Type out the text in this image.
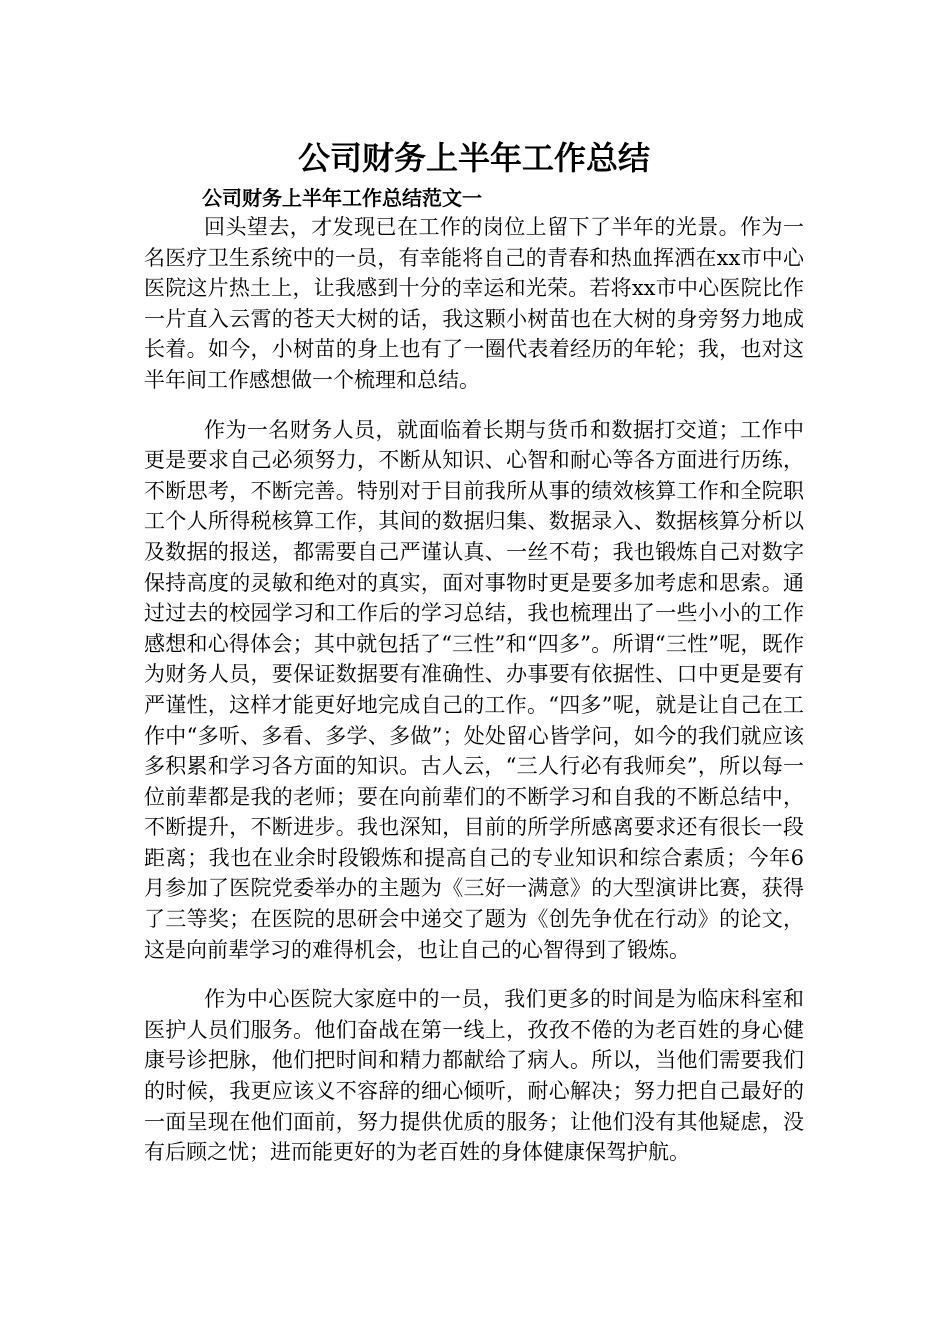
公司财务上半年工作总结

公司财务上半年工作总结范文一

回头望去，才发现已在工作的岗位上留下了半年的光景。作为一名医疗卫生系统中的一员，有幸能将自己的青春和热血挥洒在xx市中心医院这片热土上，让我感到十分的幸运和光荣。若将xx市中心医院比作一片直入云霄的苍天大树的话，我这颗小树苗也在大树的身旁努力地成长着。如今，小树苗的身上也有了一圈代表着经历的年轮；我，也对这半年间工作感想做一个梳理和总结。

作为一名财务人员，就面临着长期与货币和数据打交道；工作中更是要求自己必须努力，不断从知识、心智和耐心等各方面进行历练，不断思考，不断完善。特别对于目前我所从事的绩效核算工作和全院职工个人所得税核算工作，其间的数据归集、数据录入、数据核算分析以及数据的报送，都需要自己严谨认真、一丝不苟；我也锻炼自己对数字保持高度的灵敏和绝对的真实，面对事物时更是要多加考虑和思索。通过过去的校园学习和工作后的学习总结，我也梳理出了一些小小的工作感想和心得体会；其中就包括了“三性”和“四多”。所谓“三性”呢，既作为财务人员，要保证数据要有准确性、办事要有依据性、口中更是要有严谨性，这样才能更好地完成自己的工作。“四多”呢，就是让自己在工作中“多听、多看、多学、多做”；处处留心皆学问，如今的我们就应该多积累和学习各方面的知识。古人云，“三人行必有我师矣”，所以每一位前辈都是我的老师；要在向前辈们的不断学习和自我的不断总结中，不断提升，不断进步。我也深知，目前的所学所感离要求还有很长一段距离；我也在业余时段锻炼和提高自己的专业知识和综合素质；今年6月参加了医院党委举办的主题为《三好一满意》的大型演讲比赛，获得了三等奖；在医院的思研会中递交了题为《创先争优在行动》的论文，这是向前辈学习的难得机会，也让自己的心智得到了锻炼。

作为中心医院大家庭中的一员，我们更多的时间是为临床科室和医护人员们服务。他们奋战在第一线上，孜孜不倦的为老百姓的身心健康号诊把脉，他们把时间和精力都献给了病人。所以，当他们需要我们的时候，我更应该义不容辞的细心倾听，耐心解决；努力把自己最好的一面呈现在他们面前，努力提供优质的服务；让他们没有其他疑虑，没有后顾之忧；进而能更好的为老百姓的身体健康保驾护航。
